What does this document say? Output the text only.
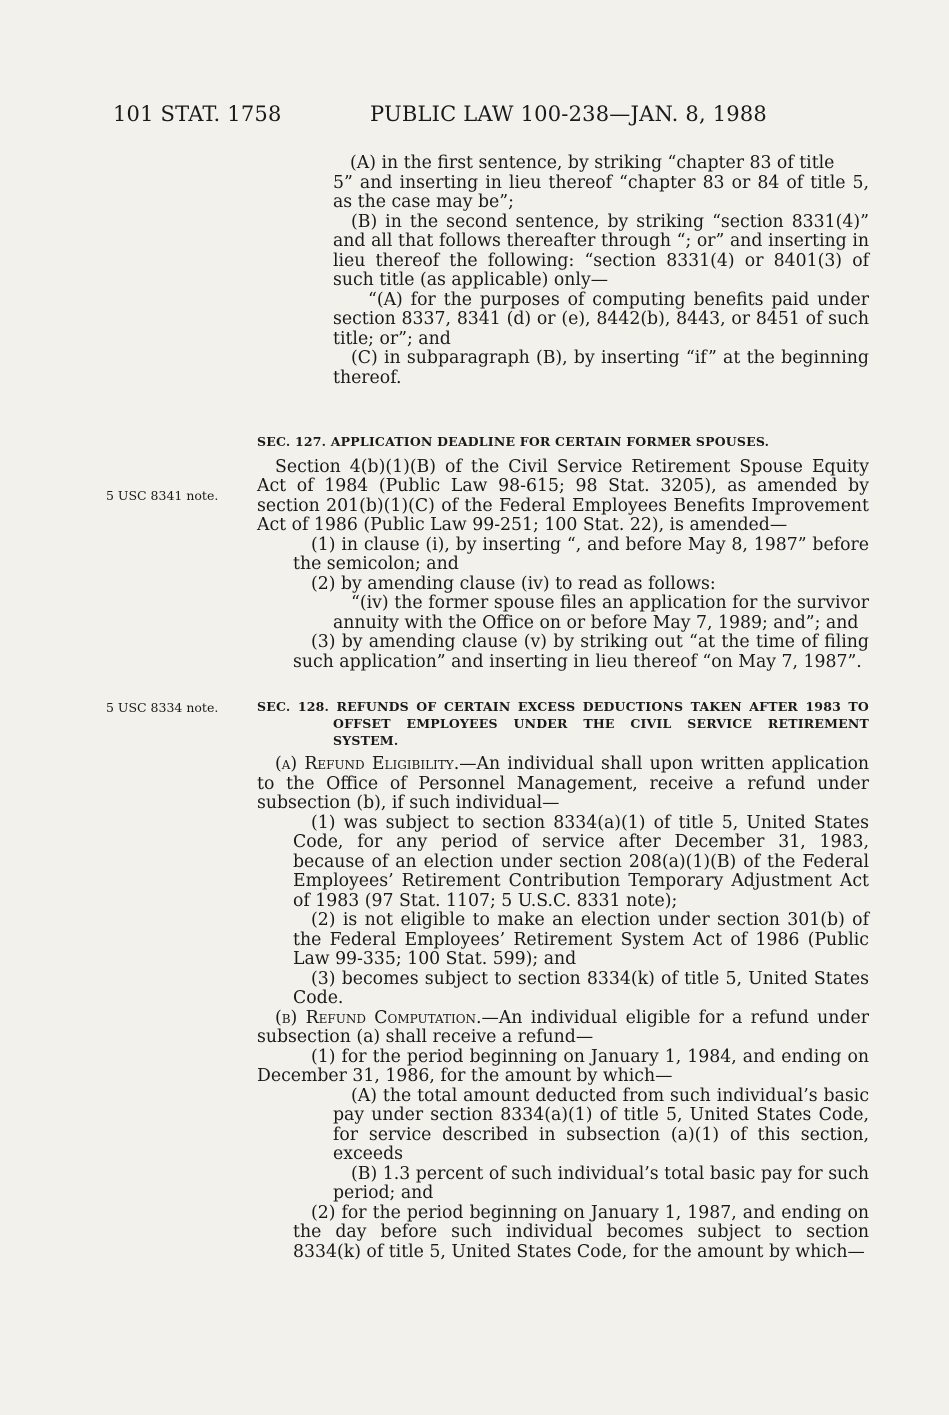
101 STAT. 1758	PUBLIC LAW 100-238—JAN. 8, 1988
5 USC 8341 note.
5 USC 8334 note.

(A) in the first sentence, by striking “chapter 83 of title

5” and inserting in lieu thereof “chapter 83 or 84 of title 5, as the case may be”;

(B) in the second sentence, by striking “section 8331(4)” and all that follows thereafter through “; or” and inserting in lieu thereof the following: “section 8331(4) or 8401(3) of such title (as applicable) only—

“(A) for the purposes of computing benefits paid under section 8337, 8341 (d) or (e), 8442(b), 8443, or 8451 of such title; or”; and

(C) in subparagraph (B), by inserting “if” at the beginning thereof.

SEC. 127. APPLICATION DEADLINE FOR CERTAIN FORMER SPOUSES.

Section 4(b)(1)(B) of the Civil Service Retirement Spouse Equity Act of 1984 (Public Law 98-615; 98 Stat. 3205), as amended by section 201(b)(1)(C) of the Federal Employees Benefits Improvement Act of 1986 (Public Law 99-251; 100 Stat. 22), is amended—

(1) in clause (i), by inserting “, and before May 8, 1987” before the semicolon; and

(2) by amending clause (iv) to read as follows:

“(iv) the former spouse files an application for the survivor annuity with the Office on or before May 7, 1989; and”; and

(3) by amending clause (v) by striking out “at the time of filing such application” and inserting in lieu thereof “on May 7, 1987”.

SEC. 128. REFUNDS OF CERTAIN EXCESS DEDUCTIONS TAKEN AFTER 1983 TO OFFSET EMPLOYEES UNDER THE CIVIL SERVICE RETIREMENT SYSTEM.

(a) Refund Eligibility.—An individual shall upon written application to the Office of Personnel Management, receive a refund under subsection (b), if such individual—

(1) was subject to section 8334(a)(1) of title 5, United States Code, for any period of service after December 31, 1983, because of an election under section 208(a)(1)(B) of the Federal Employees’ Retirement Contribution Temporary Adjustment Act of 1983 (97 Stat. 1107; 5 U.S.C. 8331 note);

(2) is not eligible to make an election under section 301(b) of the Federal Employees’ Retirement System Act of 1986 (Public Law 99-335; 100 Stat. 599); and

(3) becomes subject to section 8334(k) of title 5, United States Code.

(b) Refund Computation.—An individual eligible for a refund under subsection (a) shall receive a refund—

(1) for the period beginning on January 1, 1984, and ending on December 31, 1986, for the amount by which—

(A) the total amount deducted from such individual’s basic pay under section 8334(a)(1) of title 5, United States Code, for service described in subsection (a)(1) of this section, exceeds

(B) 1.3 percent of such individual’s total basic pay for such period; and

(2) for the period beginning on January 1, 1987, and ending on the day before such individual becomes subject to section 8334(k) of title 5, United States Code, for the amount by which—
